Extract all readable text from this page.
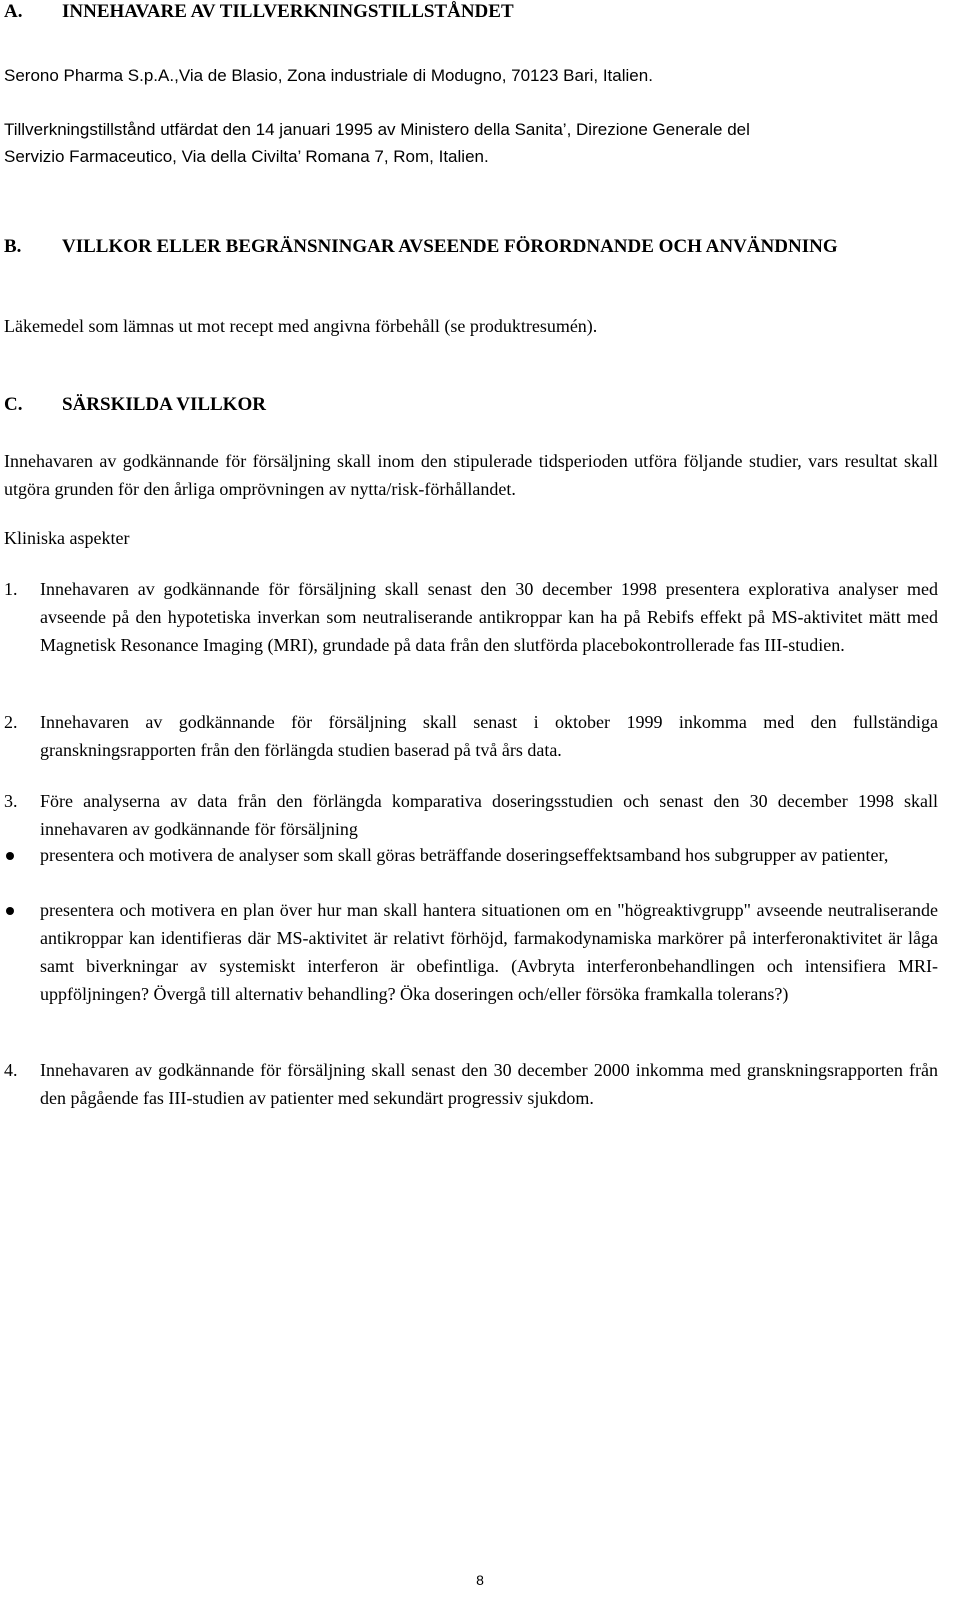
A. INNEHAVARE AV TILLVERKNINGSTILLSTÅNDET
Serono Pharma S.p.A.,Via de Blasio, Zona industriale di Modugno, 70123 Bari, Italien.
Tillverkningstillstånd utfärdat den 14 januari 1995 av Ministero della Sanita’, Direzione Generale del
Servizio Farmaceutico, Via della Civilta’ Romana 7, Rom, Italien.
B. VILLKOR ELLER BEGRÄNSNINGAR AVSEENDE FÖRORDNANDE OCH ANVÄNDNING
Läkemedel som lämnas ut mot recept med angivna förbehåll (se produktresumén).
C. SÄRSKILDA VILLKOR
Innehavaren av godkännande för försäljning skall inom den stipulerade tidsperioden utföra följande studier, vars resultat skall utgöra grunden för den årliga omprövningen av nytta/risk-förhållandet.
Kliniska aspekter
1. Innehavaren av godkännande för försäljning skall senast den 30 december 1998 presentera explorativa analyser med avseende på den hypotetiska inverkan som neutraliserande antikroppar kan ha på Rebifs effekt på MS-aktivitet mätt med Magnetisk Resonance Imaging (MRI), grundade på data från den slutförda placebokontrollerade fas III-studien.
2. Innehavaren av godkännande för försäljning skall senast i oktober 1999 inkomma med den fullständiga granskningsrapporten från den förlängda studien baserad på två års data.
3. Före analyserna av data från den förlängda komparativa doseringsstudien och senast den 30 december 1998 skall innehavaren av godkännande för försäljning
presentera och motivera de analyser som skall göras beträffande doseringseffektsamband hos subgrupper av patienter,
presentera och motivera en plan över hur man skall hantera situationen om en "högreaktivgrupp" avseende neutraliserande antikroppar kan identifieras där MS-aktivitet är relativt förhöjd, farmakodynamiska markörer på interferonaktivitet är låga samt biverkningar av systemiskt interferon är obefintliga. (Avbryta interferonbehandlingen och intensifiera MRI-uppföljningen? Övergå till alternativ behandling? Öka doseringen och/eller försöka framkalla tolerans?)
4. Innehavaren av godkännande för försäljning skall senast den 30 december 2000 inkomma med granskningsrapporten från den pågående fas III-studien av patienter med sekundärt progressiv sjukdom.
8
